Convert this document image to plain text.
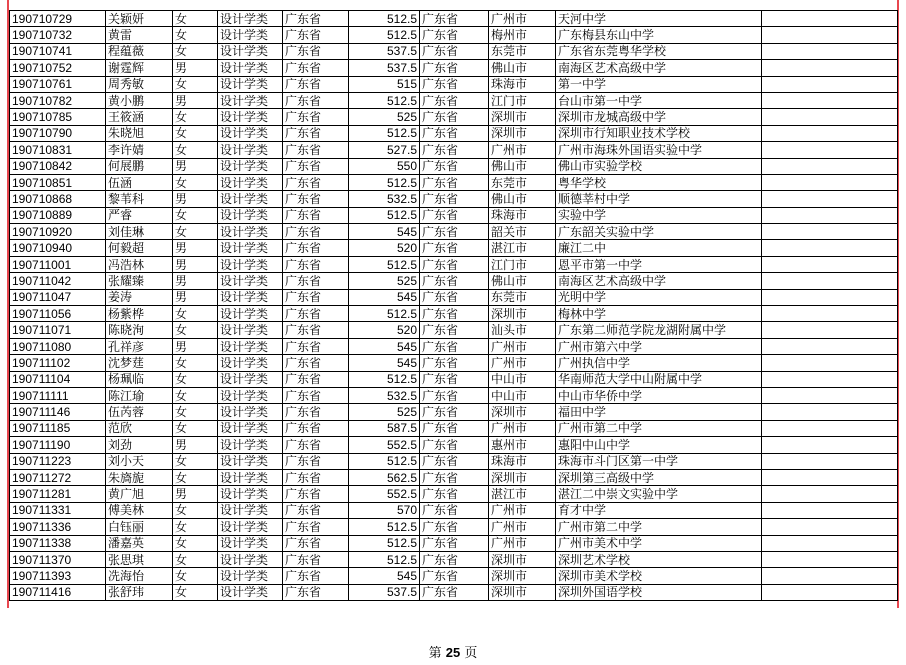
190710729	关颖妍	女	设计学类	广东省	512.5	广东省	广州市	天河中学	
190710732	黄雷	女	设计学类	广东省	512.5	广东省	梅州市	广东梅县东山中学	
190710741	程蕴薇	女	设计学类	广东省	537.5	广东省	东莞市	广东省东莞粤华学校	
190710752	谢霆辉	男	设计学类	广东省	537.5	广东省	佛山市	南海区艺术高级中学	
190710761	周秀敏	女	设计学类	广东省	515	广东省	珠海市	第一中学	
190710782	黄小鹏	男	设计学类	广东省	512.5	广东省	江门市	台山市第一中学	
190710785	王筱涵	女	设计学类	广东省	525	广东省	深圳市	深圳市龙城高级中学	
190710790	朱晓旭	女	设计学类	广东省	512.5	广东省	深圳市	深圳市行知职业技术学校	
190710831	李许婧	女	设计学类	广东省	527.5	广东省	广州市	广州市海珠外国语实验中学	
190710842	何展鹏	男	设计学类	广东省	550	广东省	佛山市	佛山市实验学校	
190710851	伍涵	女	设计学类	广东省	512.5	广东省	东莞市	粤华学校	
190710868	黎苇科	男	设计学类	广东省	532.5	广东省	佛山市	顺德莘村中学	
190710889	严睿	女	设计学类	广东省	512.5	广东省	珠海市	实验中学	
190710920	刘佳琳	女	设计学类	广东省	545	广东省	韶关市	广东韶关实验中学	
190710940	何毅超	男	设计学类	广东省	520	广东省	湛江市	廉江二中	
190711001	冯浩林	男	设计学类	广东省	512.5	广东省	江门市	恩平市第一中学	
190711042	张耀臻	男	设计学类	广东省	525	广东省	佛山市	南海区艺术高级中学	
190711047	姜涛	男	设计学类	广东省	545	广东省	东莞市	光明中学	
190711056	杨紫桦	女	设计学类	广东省	512.5	广东省	深圳市	梅林中学	
190711071	陈晓洵	女	设计学类	广东省	520	广东省	汕头市	广东第二师范学院龙湖附属中学	
190711080	孔祥彦	男	设计学类	广东省	545	广东省	广州市	广州市第六中学	
190711102	沈梦莛	女	设计学类	广东省	545	广东省	广州市	广州执信中学	
190711104	杨珮临	女	设计学类	广东省	512.5	广东省	中山市	华南师范大学中山附属中学	
190711111	陈江瑜	女	设计学类	广东省	532.5	广东省	中山市	中山市华侨中学	
190711146	伍芮蓉	女	设计学类	广东省	525	广东省	深圳市	福田中学	
190711185	范欣	女	设计学类	广东省	587.5	广东省	广州市	广州市第二中学	
190711190	刘劲	男	设计学类	广东省	552.5	广东省	惠州市	惠阳中山中学	
190711223	刘小天	女	设计学类	广东省	512.5	广东省	珠海市	珠海市斗门区第一中学	
190711272	朱旖旎	女	设计学类	广东省	562.5	广东省	深圳市	深圳第三高级中学	
190711281	黄广旭	男	设计学类	广东省	552.5	广东省	湛江市	湛江二中崇文实验中学	
190711331	傅美林	女	设计学类	广东省	570	广东省	广州市	育才中学	
190711336	白钰丽	女	设计学类	广东省	512.5	广东省	广州市	广州市第二中学	
190711338	潘嘉英	女	设计学类	广东省	512.5	广东省	广州市	广州市美术中学	
190711370	张思琪	女	设计学类	广东省	512.5	广东省	深圳市	深圳艺术学校	
190711393	冼海怡	女	设计学类	广东省	545	广东省	深圳市	深圳市美术学校	
190711416	张舒玮	女	设计学类	广东省	537.5	广东省	深圳市	深圳外国语学校	
第 25 页
